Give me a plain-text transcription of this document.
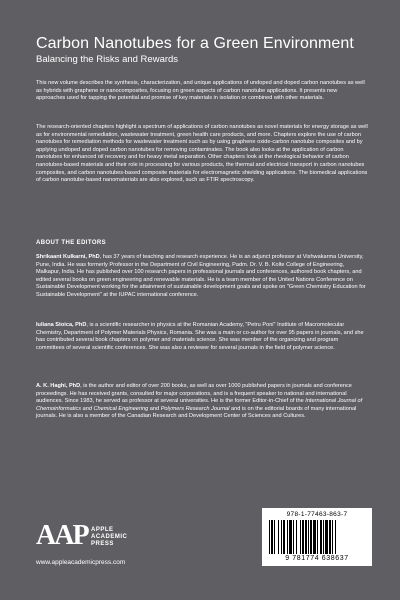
Carbon Nanotubes for a Green Environment
Balancing the Risks and Rewards
This new volume describes the synthesis, characterization, and unique applications of undoped and doped carbon nanotubes as well as hybrids with graphene or nanocomposites, focusing on green aspects of carbon nanotube applications. It presents new approaches used for tapping the potential and promise of key materials in isolation or combined with other materials.
The research-oriented chapters highlight a spectrum of applications of carbon nanotubes as novel materials for energy storage as well as for environmental remediation, wastewater treatment, green health care products, and more. Chapters explore the use of carbon nanotubes for remediation methods for wastewater treatment such as by using graphene oxide-carbon nanotube composites and by applying undoped and doped carbon nanotubes for removing contaminates. The book also looks at the application of carbon nanotubes for enhanced oil recovery and for heavy metal separation. Other chapters look at the rheological behavior of carbon nanotubes-based materials and their role in processing for various products, the thermal and electrical transport in carbon nanotubes composites, and carbon nanotubes-based composite materials for electromagnetic shielding applications. The biomedical applications of carbon nanotube-based nanomaterials are also explored, such as FTIR spectroscopy.
ABOUT THE EDITORS
Shrikaant Kulkarni, PhD, has 37 years of teaching and research experience. He is an adjunct professor at Vishwakarma University, Pune, India. He was formerly Professor in the Department of Civil Engineering, Padm. Dr. V. B. Kolte College of Engineering, Malkapur, India. He has published over 100 research papers in professional journals and conferences, authored book chapters, and edited several books on green engineering and renewable materials. He is a team member of the United Nations Conference on Sustainable Development working for the attainment of sustainable development goals and spoke on "Green Chemistry Education for Sustainable Development" at the IUPAC international conference.
Iuliana Stoica, PhD, is a scientific researcher in physics at the Romanian Academy, "Petru Poni" Institute of Macromolecular Chemistry, Department of Polymer Materials Physics, Romania. She was a main or co-author for over 95 papers in journals, and she has contributed several book chapters on polymer and materials science. She was member of the organizing and program committees of several scientific conferences. She was also a reviewer for several journals in the field of polymer science.
A. K. Haghi, PhD, is the author and editor of over 200 books, as well as over 1000 published papers in journals and conference proceedings. He has received grants, consulted for major corporations, and is a frequent speaker to national and international audiences. Since 1983, he served as professor at several universities. He is the former Editor-in-Chief of the International Journal of Chemoinformatics and Chemical Engineering and Polymers Research Journal and is on the editorial boards of many international journals. He is also a member of the Canadian Research and Development Center of Sciences and Cultures.
AAP APPLE
ACADEMIC
PRESS
www.appleacademicpress.com
978-1-77463-863-7
9 781774 638637
